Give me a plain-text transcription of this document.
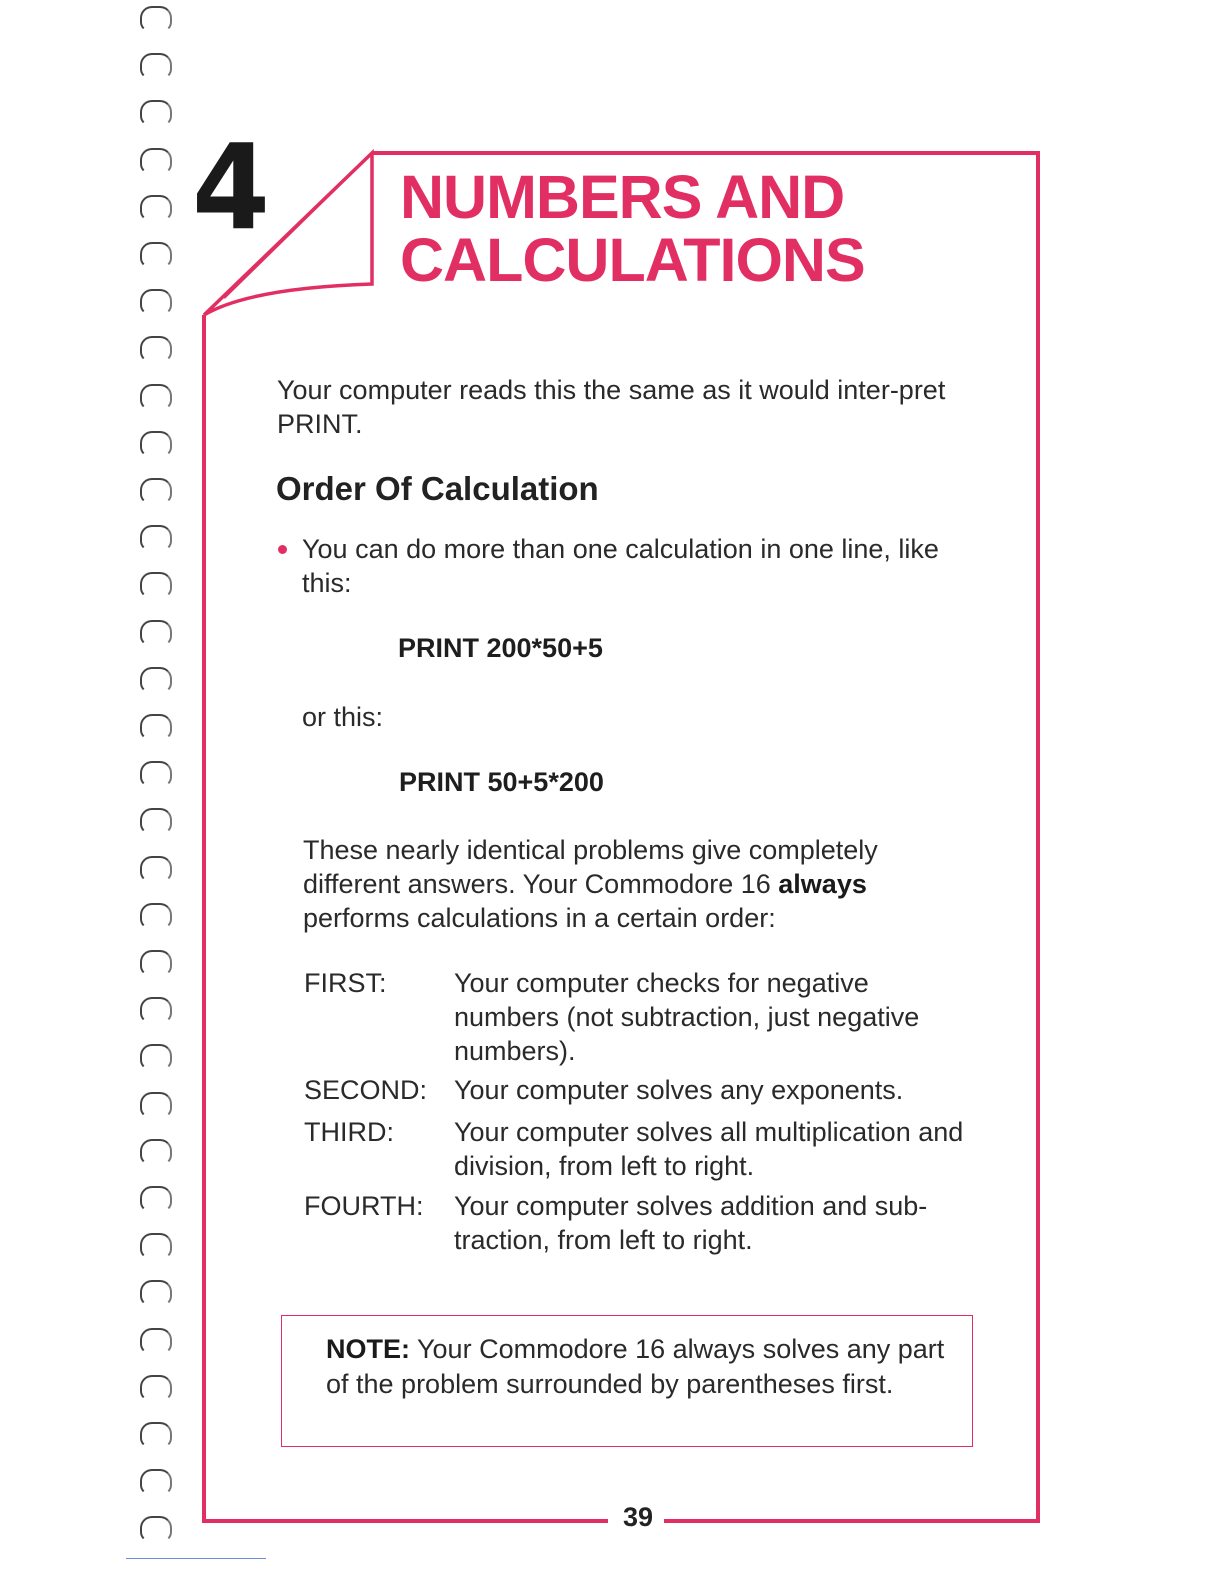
4 NUMBERS AND
CALCULATIONS
Your computer reads this the same as it would inter-pret PRINT.
Order Of Calculation
You can do more than one calculation in one line, like this:
PRINT 200*50+5
or this:
PRINT 50+5*200
These nearly identical problems give completely different answers. Your Commodore 16 always performs calculations in a certain order:
FIRST: Your computer checks for negative numbers (not subtraction, just negative numbers).
SECOND: Your computer solves any exponents.
THIRD: Your computer solves all multiplication and division, from left to right.
FOURTH: Your computer solves addition and sub-traction, from left to right.
NOTE: Your Commodore 16 always solves any part of the problem surrounded by parentheses first.
39
